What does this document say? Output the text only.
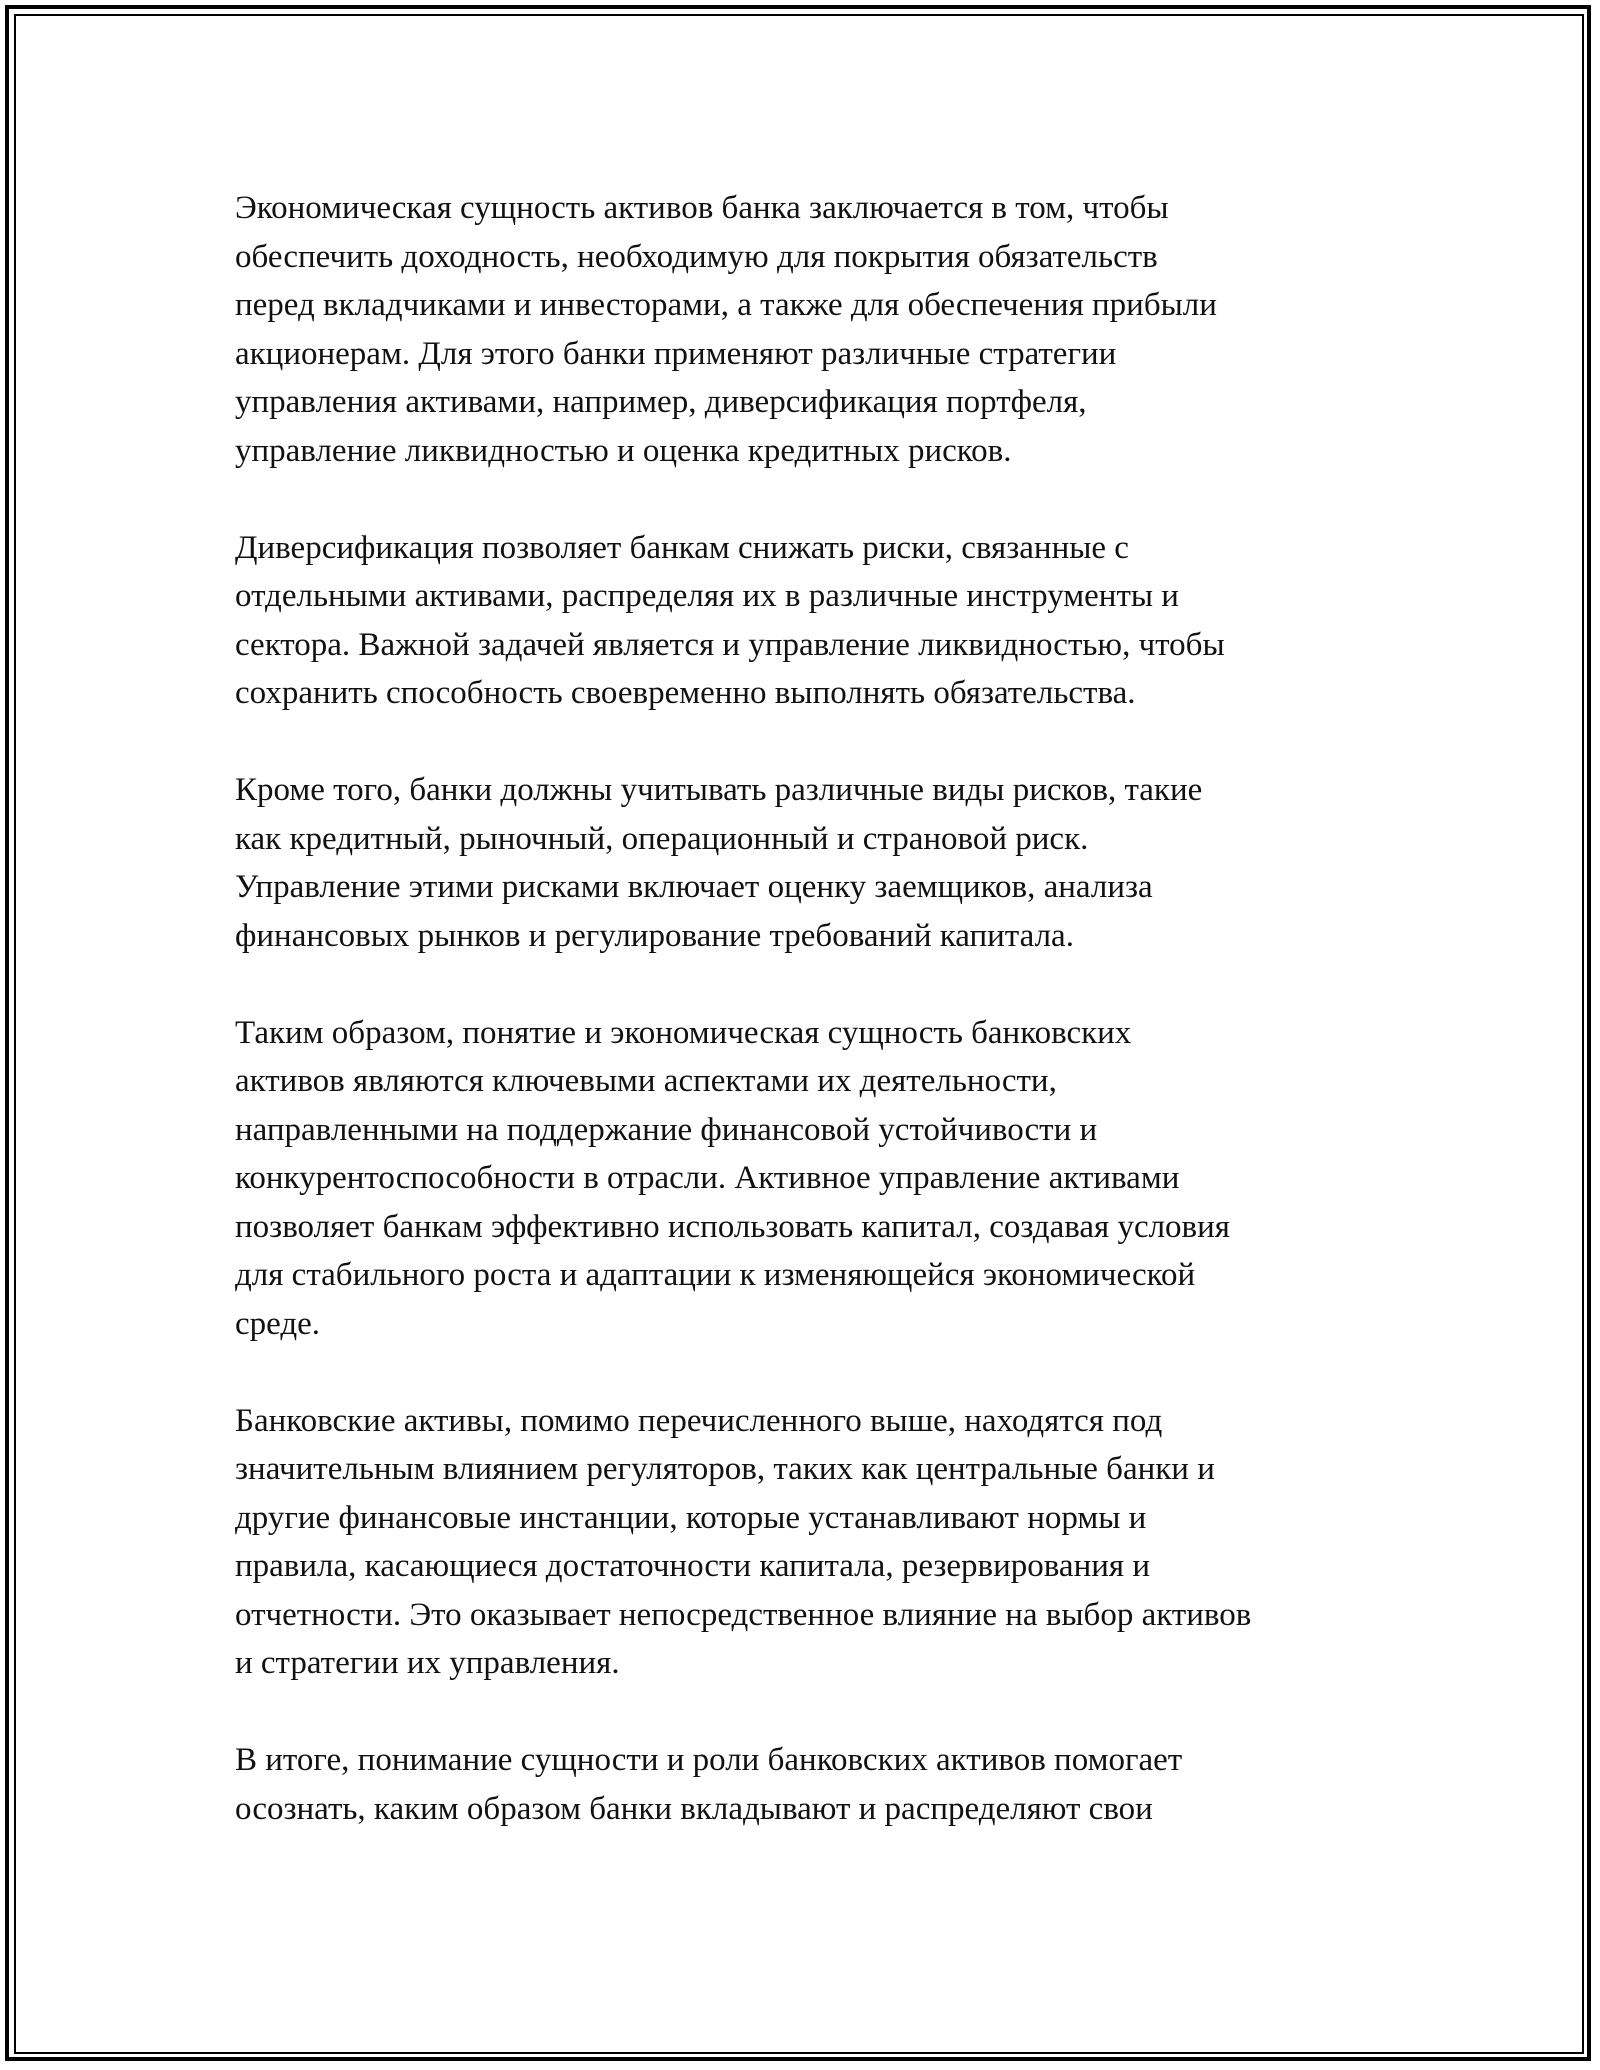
Экономическая сущность активов банка заключается в том, чтобы
обеспечить доходность, необходимую для покрытия обязательств
перед вкладчиками и инвесторами, а также для обеспечения прибыли
акционерам. Для этого банки применяют различные стратегии
управления активами, например, диверсификация портфеля,
управление ликвидностью и оценка кредитных рисков.

Диверсификация позволяет банкам снижать риски, связанные с
отдельными активами, распределяя их в различные инструменты и
сектора. Важной задачей является и управление ликвидностью, чтобы
сохранить способность своевременно выполнять обязательства.

Кроме того, банки должны учитывать различные виды рисков, такие
как кредитный, рыночный, операционный и страновой риск.
Управление этими рисками включает оценку заемщиков, анализа
финансовых рынков и регулирование требований капитала.

Таким образом, понятие и экономическая сущность банковских
активов являются ключевыми аспектами их деятельности,
направленными на поддержание финансовой устойчивости и
конкурентоспособности в отрасли. Активное управление активами
позволяет банкам эффективно использовать капитал, создавая условия
для стабильного роста и адаптации к изменяющейся экономической
среде.

Банковские активы, помимо перечисленного выше, находятся под
значительным влиянием регуляторов, таких как центральные банки и
другие финансовые инстанции, которые устанавливают нормы и
правила, касающиеся достаточности капитала, резервирования и
отчетности. Это оказывает непосредственное влияние на выбор активов
и стратегии их управления.

В итоге, понимание сущности и роли банковских активов помогает
осознать, каким образом банки вкладывают и распределяют свои
